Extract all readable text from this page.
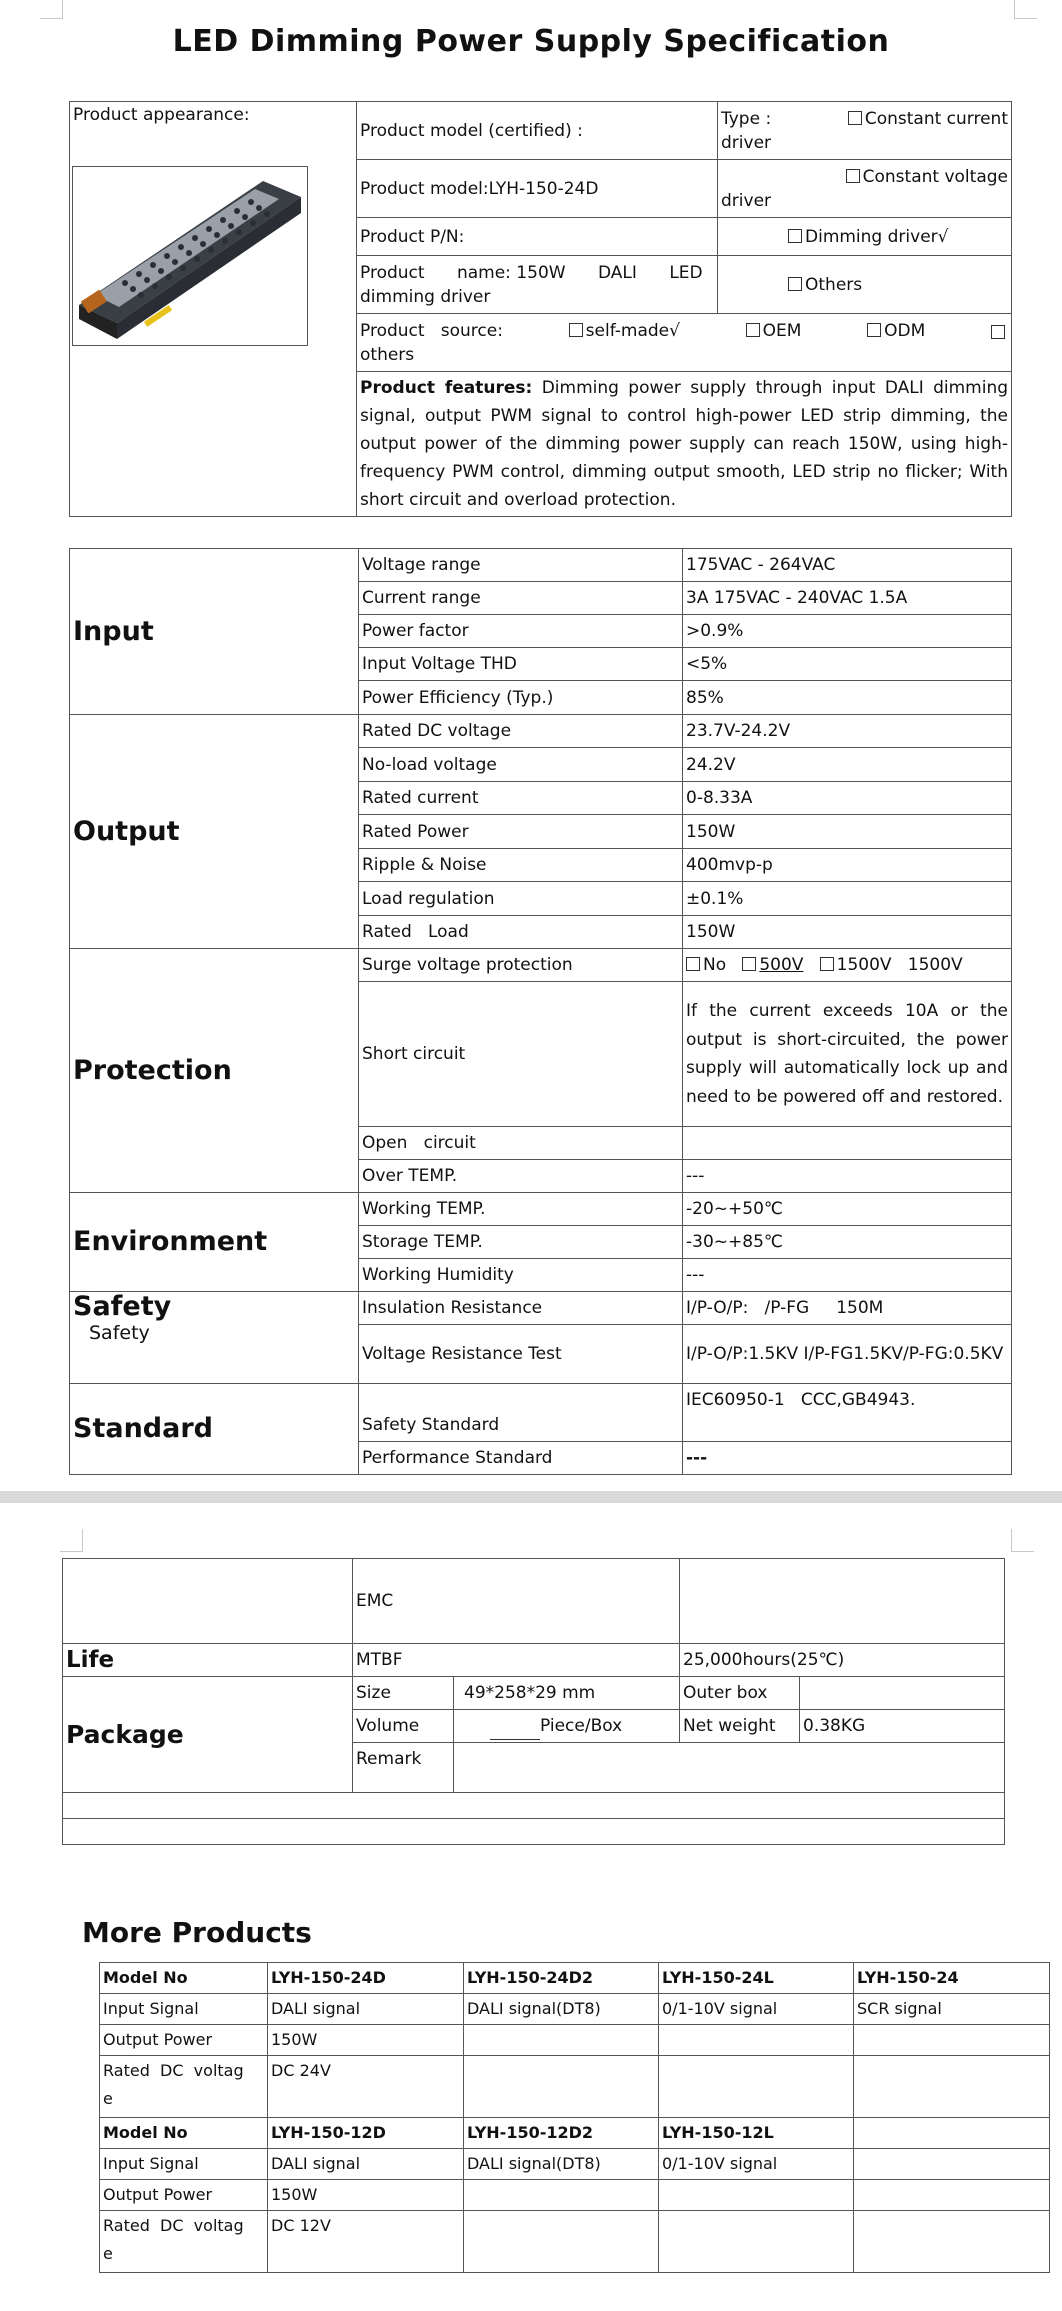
LED Dimming Power Supply Specification
Product appearance:	Product model (certified) :	Type : Constant current
driver

	Product model:LYH-150-24D	Constant voltage
driver

	Product P/N:	Dimming driver√

	Product      name: 150W      DALI      LED
dimming driver	Others

	Product   source: self-made√ OEM ODM
others	

	Product features: Dimming power supply through input DALI dimming signal, output PWM signal to control high-power LED strip dimming, the output power of the dimming power supply can reach 150W, using high-frequency PWM control, dimming output smooth, LED strip no flicker; With short circuit and overload protection.	
Input	Voltage range	175VAC - 264VAC
	Current range	3A 175VAC - 240VAC 1.5A
	Power factor	>0.9%
	Input Voltage THD	<5%
	Power Efficiency (Typ.)	85%
Output	Rated DC voltage	23.7V-24.2V
	No-load voltage	24.2V
	Rated current	0-8.33A
	Rated Power	150W
	Ripple & Noise	400mvp-p
	Load regulation	±0.1%
	Rated   Load	150W
Protection	Surge voltage protection	No 500V 1500V 1500V
	Short circuit	If the current exceeds 10A or the output is short-circuited, the power supply will automatically lock up and need to be powered off and restored.
	Open   circuit	
	Over TEMP.	---
Environment	Working TEMP.	-20~+50℃
	Storage TEMP.	-30~+85℃
	Working Humidity	---

Safety
Safety	Insulation Resistance	I/P-O/P:   /P-FG     150M
	Voltage Resistance Test	I/P-O/P:1.5KV I/P-FG1.5KV/P-FG:0.5KV
Standard	Safety Standard	IEC60950-1   CCC,GB4943.
	Performance Standard	---
	EMC			
Life	MTBF		25,000hours(25℃)	
Package	Size	49*258*29 mm	Outer box	
	Volume	Piece/Box	Net weight	0.38KG
	Remark			

More Products
Model No	LYH-150-24D	LYH-150-24D2	LYH-150-24L	LYH-150-24
Input Signal	DALI signal	DALI signal(DT8)	0/1-10V signal	SCR signal
Output Power	150W			

Rated  DC  voltag
e	DC 24V			
Model No	LYH-150-12D	LYH-150-12D2	LYH-150-12L	
Input Signal	DALI signal	DALI signal(DT8)	0/1-10V signal	
Output Power	150W			

Rated  DC  voltag
e	DC 12V			
